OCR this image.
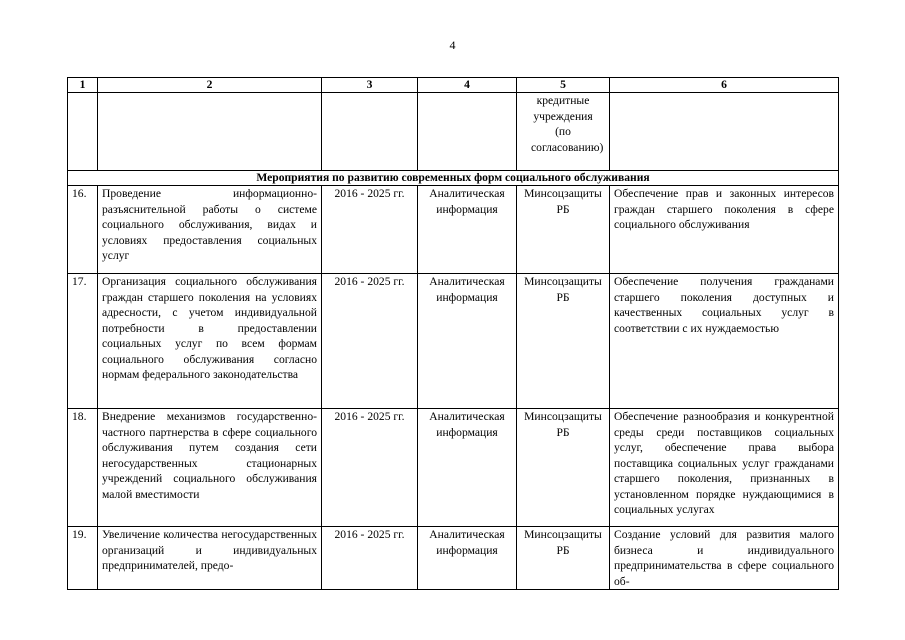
4
1	2	3	4	5	6
				кредитные учреждения (по согласованию)	
Мероприятия по развитию современных форм социального обслуживания					
16.	Проведение информационно-разъяснительной работы о системе социального обслуживания, видах и условиях предоставления социальных услуг	2016 - 2025 гг.	Аналитическая информация	Минсоцзащиты РБ	Обеспечение прав и законных интересов граждан старшего поколения в сфере социального обслуживания
17.	Организация социального обслуживания граждан старшего поколения на условиях адресности, с учетом индивидуальной потребности в предоставлении социальных услуг по всем формам социального обслуживания согласно нормам федерального законодательства	2016 - 2025 гг.	Аналитическая информация	Минсоцзащиты РБ	Обеспечение получения гражданами старшего поколения доступных и качественных социальных услуг в соответствии с их нуждаемостью
18.	Внедрение механизмов государственно-частного партнерства в сфере социального обслуживания путем создания сети негосударственных стационарных учреждений социального обслуживания малой вместимости	2016 - 2025 гг.	Аналитическая информация	Минсоцзащиты РБ	Обеспечение разнообразия и конкурентной среды среди поставщиков социальных услуг, обеспечение права выбора поставщика социальных услуг гражданами старшего поколения, признанных в установленном порядке нуждающимися в социальных услугах
19.	Увеличение количества негосударственных организаций и индивидуальных предпринимателей, предо-	2016 - 2025 гг.	Аналитическая информация	Минсоцзащиты РБ	Создание условий для развития малого бизнеса и индивидуального предпринимательства в сфере социального об-
